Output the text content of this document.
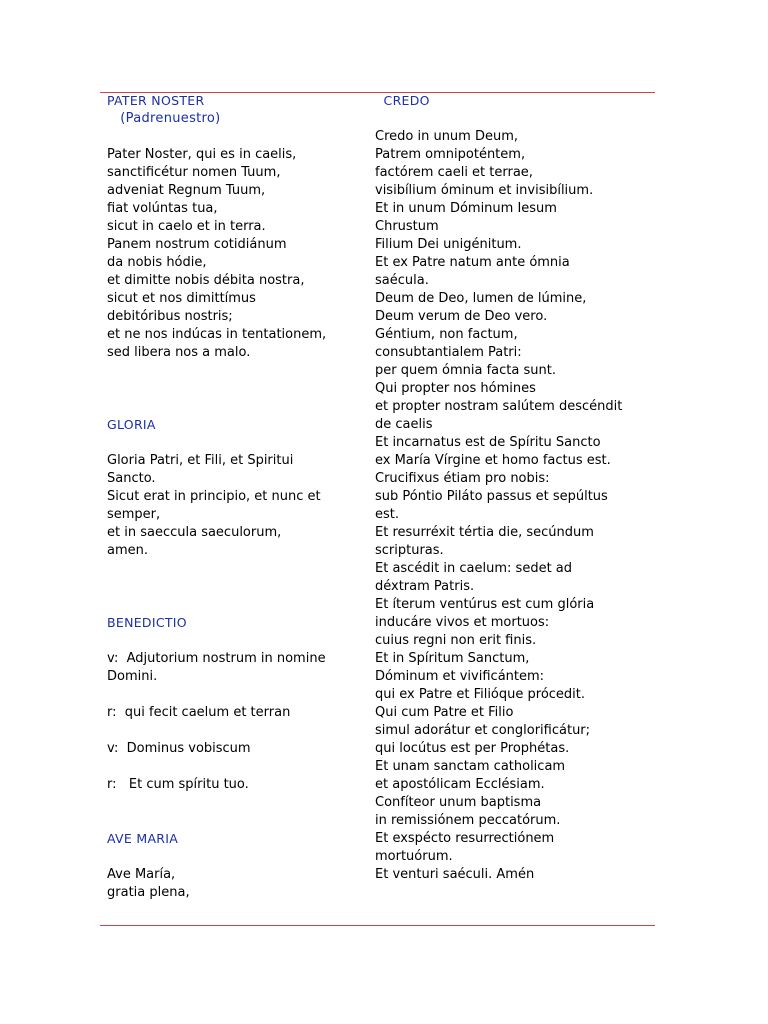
PATER NOSTER
(Padrenuestro)
Pater Noster, qui es in caelis,
sanctificétur nomen Tuum,
adveniat Regnum Tuum,
fiat volúntas tua,
sicut in caelo et in terra.
Panem nostrum cotidiánum
da nobis hódie,
et dimitte nobis débita nostra,
sicut et nos dimittímus
debitóribus nostris;
et ne nos indúcas in tentationem,
sed libera nos a malo.
GLORIA
Gloria Patri, et Fili, et Spiritui
Sancto.
Sicut erat in principio, et nunc et
semper,
et in saeccula saeculorum,
amen.
BENEDICTIO
v:  Adjutorium nostrum in nomine
Domini.
r:  qui fecit caelum et terran
v:  Dominus vobiscum
r:   Et cum spíritu tuo.
AVE MARIA
Ave María,
gratia plena,
CREDO
Credo in unum Deum,
Patrem omnipoténtem,
factórem caeli et terrae,
visibílium óminum et invisibílium.
Et in unum Dóminum Iesum
Chrustum
Filium Dei unigénitum.
Et ex Patre natum ante ómnia
saécula.
Deum de Deo, lumen de lúmine,
Deum verum de Deo vero.
Géntium, non factum,
consubtantialem Patri:
per quem ómnia facta sunt.
Qui propter nos hómines
et propter nostram salútem descéndit
de caelis
Et incarnatus est de Spíritu Sancto
ex María Vírgine et homo factus est.
Crucifixus étiam pro nobis:
sub Póntio Piláto passus et sepúltus
est.
Et resurréxit tértia die, secúndum
scripturas.
Et ascédit in caelum: sedet ad
déxtram Patris.
Et íterum ventúrus est cum glória
inducáre vivos et mortuos:
cuius regni non erit finis.
Et in Spíritum Sanctum,
Dóminum et vivificántem:
qui ex Patre et Filióque prócedit.
Qui cum Patre et Filio
simul adorátur et conglorificátur;
qui locútus est per Prophétas.
Et unam sanctam catholicam
et apostólicam Ecclésiam.
Confíteor unum baptisma
in remissiónem peccatórum.
Et exspécto resurrectiónem
mortuórum.
Et venturi saéculi. Amén
